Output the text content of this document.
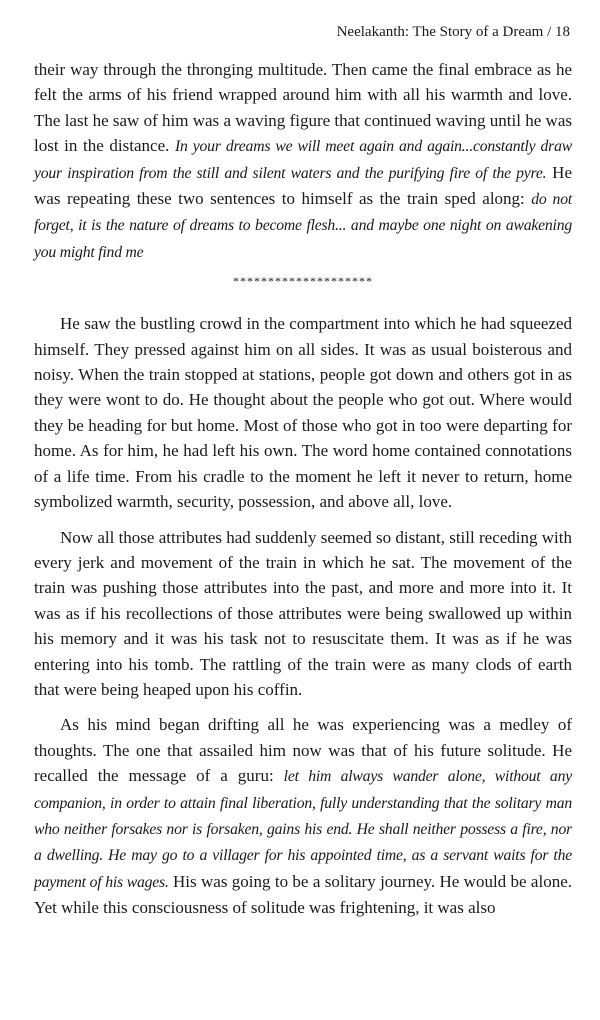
Neelakanth: The Story of a Dream / 18

their way through the thronging multitude. Then came the final embrace as he felt the arms of his friend wrapped around him with all his warmth and love. The last he saw of him was a waving figure that continued waving until he was lost in the distance. In your dreams we will meet again and again...constantly draw your inspiration from the still and silent waters and the purifying fire of the pyre. He was repeating these two sentences to himself as the train sped along: do not forget, it is the nature of dreams to become flesh... and maybe one night on awakening you might find me

********************

He saw the bustling crowd in the compartment into which he had squeezed himself. They pressed against him on all sides. It was as usual boisterous and noisy. When the train stopped at stations, people got down and others got in as they were wont to do. He thought about the people who got out. Where would they be heading for but home. Most of those who got in too were departing for home. As for him, he had left his own. The word home contained connotations of a life time. From his cradle to the moment he left it never to return, home symbolized warmth, security, possession, and above all, love.

Now all those attributes had suddenly seemed so distant, still receding with every jerk and movement of the train in which he sat. The movement of the train was pushing those attributes into the past, and more and more into it. It was as if his recollections of those attributes were being swallowed up within his memory and it was his task not to resuscitate them. It was as if he was entering into his tomb. The rattling of the train were as many clods of earth that were being heaped upon his coffin.

As his mind began drifting all he was experiencing was a medley of thoughts. The one that assailed him now was that of his future solitude. He recalled the message of a guru: let him always wander alone, without any companion, in order to attain final liberation, fully understanding that the solitary man who neither forsakes nor is forsaken, gains his end. He shall neither possess a fire, nor a dwelling. He may go to a villager for his appointed time, as a servant waits for the payment of his wages. His was going to be a solitary journey. He would be alone. Yet while this consciousness of solitude was frightening, it was also
